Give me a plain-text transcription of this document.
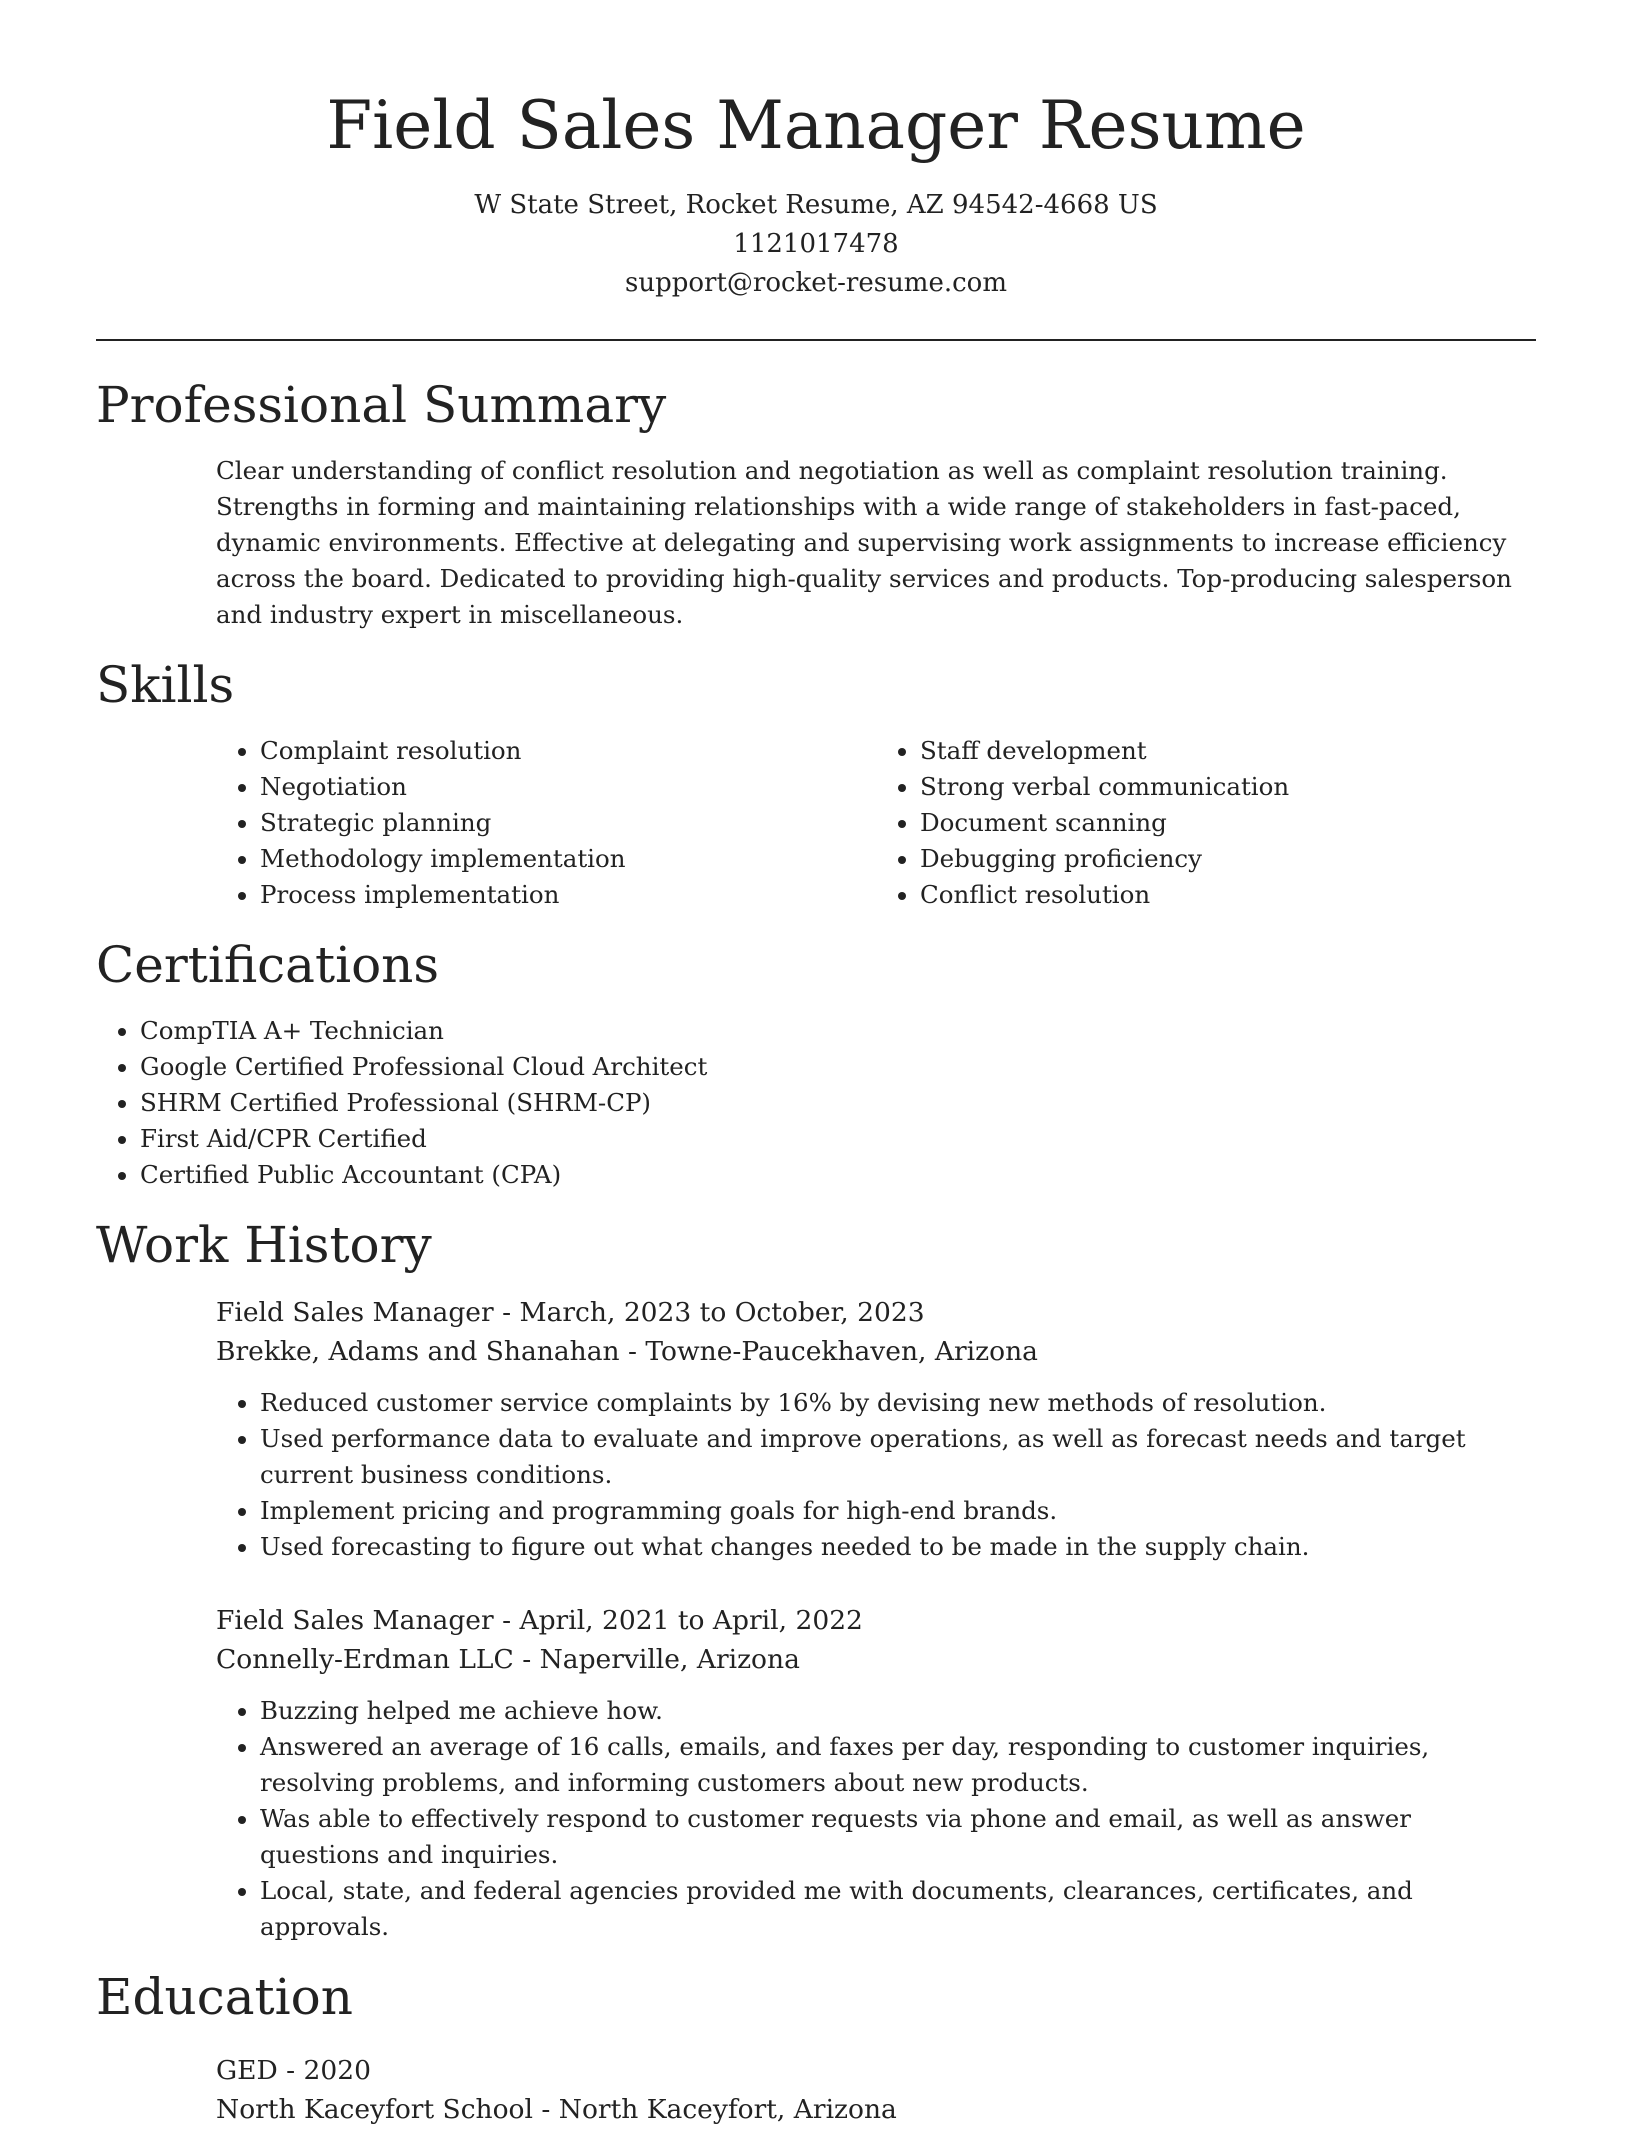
Field Sales Manager Resume
W State Street, Rocket Resume, AZ 94542-4668 US
1121017478
support@rocket-resume.com
Professional Summary
Clear understanding of conflict resolution and negotiation as well as complaint resolution training. Strengths in forming and maintaining relationships with a wide range of stakeholders in fast-paced, dynamic environments. Effective at delegating and supervising work assignments to increase efficiency across the board. Dedicated to providing high-quality services and products. Top-producing salesperson and industry expert in miscellaneous.
Skills
• Complaint resolution
• Negotiation
• Strategic planning
• Methodology implementation
• Process implementation
• Staff development
• Strong verbal communication
• Document scanning
• Debugging proficiency
• Conflict resolution
Certifications
• CompTIA A+ Technician
• Google Certified Professional Cloud Architect
• SHRM Certified Professional (SHRM-CP)
• First Aid/CPR Certified
• Certified Public Accountant (CPA)
Work History
Field Sales Manager - March, 2023 to October, 2023
Brekke, Adams and Shanahan - Towne-Paucekhaven, Arizona
• Reduced customer service complaints by 16% by devising new methods of resolution.
• Used performance data to evaluate and improve operations, as well as forecast needs and target current business conditions.
• Implement pricing and programming goals for high-end brands.
• Used forecasting to figure out what changes needed to be made in the supply chain.
Field Sales Manager - April, 2021 to April, 2022
Connelly-Erdman LLC - Naperville, Arizona
• Buzzing helped me achieve how.
• Answered an average of 16 calls, emails, and faxes per day, responding to customer inquiries, resolving problems, and informing customers about new products.
• Was able to effectively respond to customer requests via phone and email, as well as answer questions and inquiries.
• Local, state, and federal agencies provided me with documents, clearances, certificates, and approvals.
Education
GED - 2020
North Kaceyfort School - North Kaceyfort, Arizona
